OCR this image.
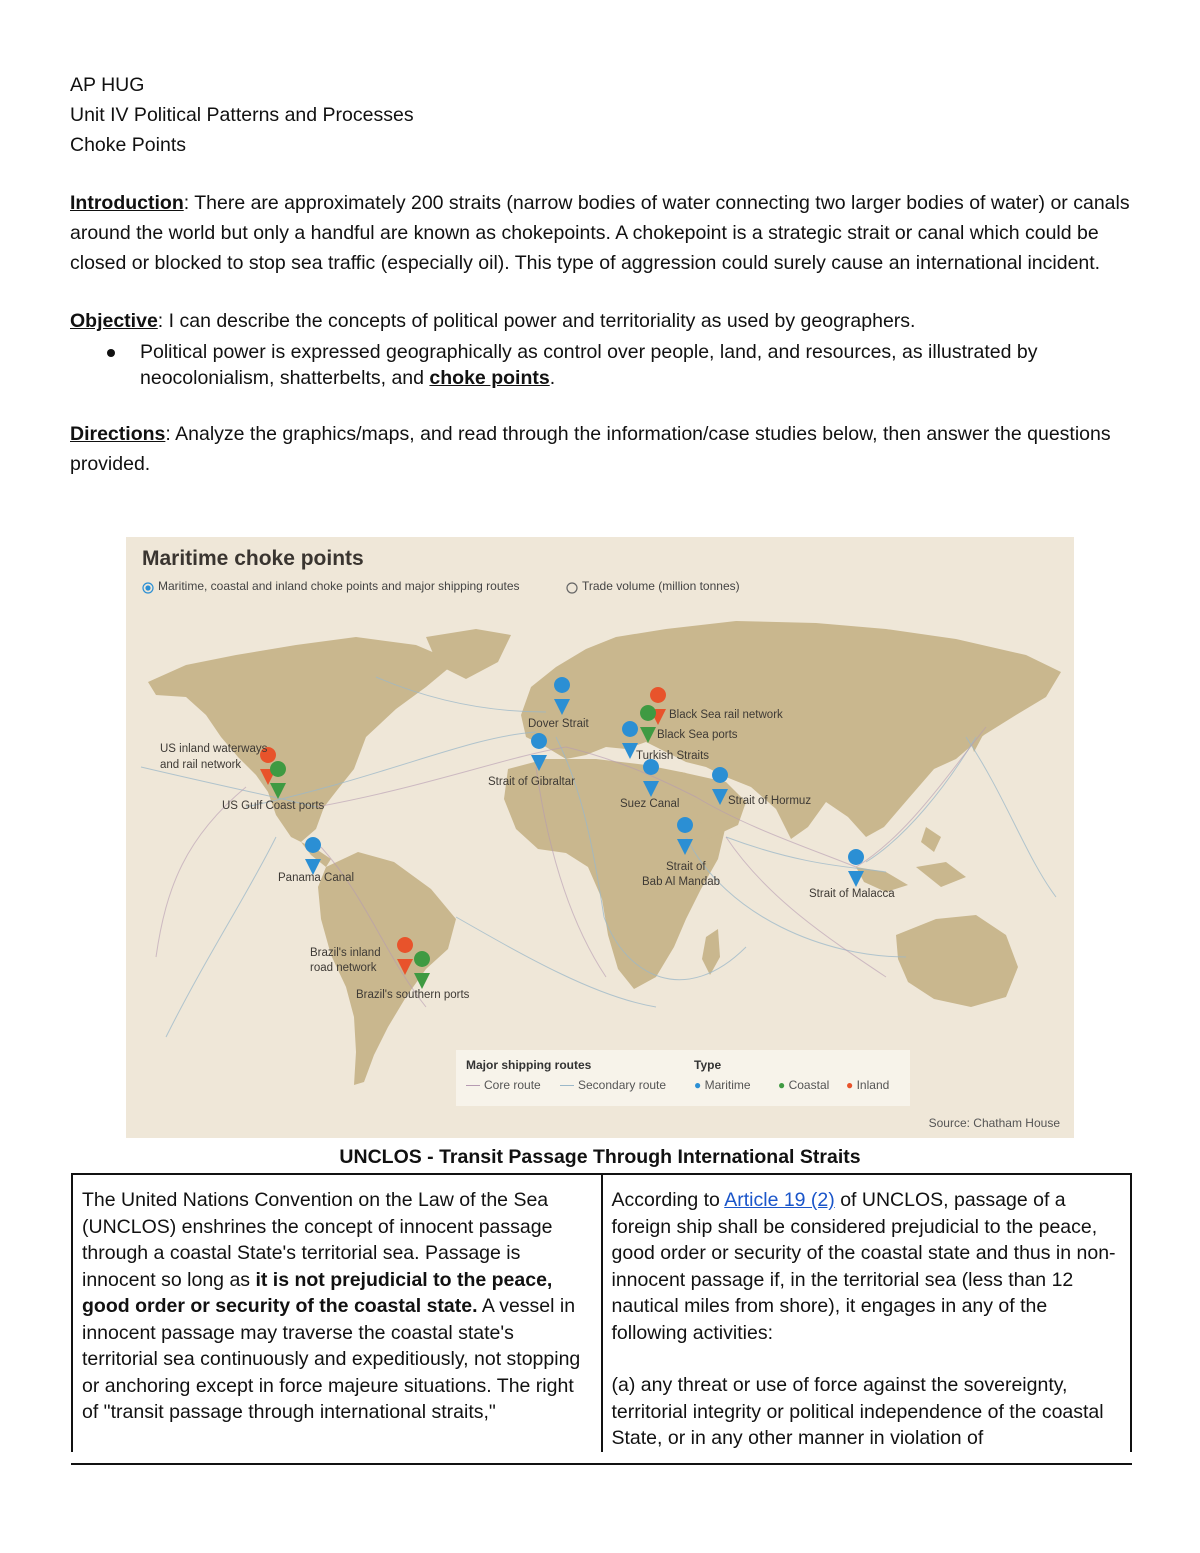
AP HUG
Unit IV Political Patterns and Processes
Choke Points
Introduction: There are approximately 200 straits (narrow bodies of water connecting two larger bodies of water) or canals around the world but only a handful are known as chokepoints. A chokepoint is a strategic strait or canal which could be closed or blocked to stop sea traffic (especially oil). This type of aggression could surely cause an international incident.
Objective: I can describe the concepts of political power and territoriality as used by geographers.
Political power is expressed geographically as control over people, land, and resources, as illustrated by neocolonialism, shatterbelts, and choke points.
Directions: Analyze the graphics/maps, and read through the information/case studies below, then answer the questions provided.
Maritime choke points
Maritime, coastal and inland choke points and major shipping routes	Trade volume (million tonnes)
Dover Strait
Black Sea rail network
Black Sea ports
Turkish Straits
US inland waterways
and rail network
Strait of Gibraltar
US Gulf Coast ports	Suez Canal	Strait of Hormuz
Strait of
Bab Al Mandab
Panama Canal
Strait of Malacca
Brazil's inland
road network
Brazil's southern ports
Major shipping routes
Core route	Secondary route
Type
● Maritime ● Coastal ● Inland
Source: Chatham House
UNCLOS - Transit Passage Through International Straits
The United Nations Convention on the Law of the Sea (UNCLOS) enshrines the concept of innocent passage through a coastal State's territorial sea. Passage is innocent so long as it is not prejudicial to the peace, good order or security of the coastal state. A vessel in innocent passage may traverse the coastal state's territorial sea continuously and expeditiously, not stopping or anchoring except in force majeure situations. The right of "transit passage through international straits,"	According to Article 19 (2) of UNCLOS, passage of a foreign ship shall be considered prejudicial to the peace, good order or security of the coastal state and thus in non-innocent passage if, in the territorial sea (less than 12 nautical miles from shore), it engages in any of the following activities:
(a) any threat or use of force against the sovereignty, territorial integrity or political independence of the coastal State, or in any other manner in violation of
